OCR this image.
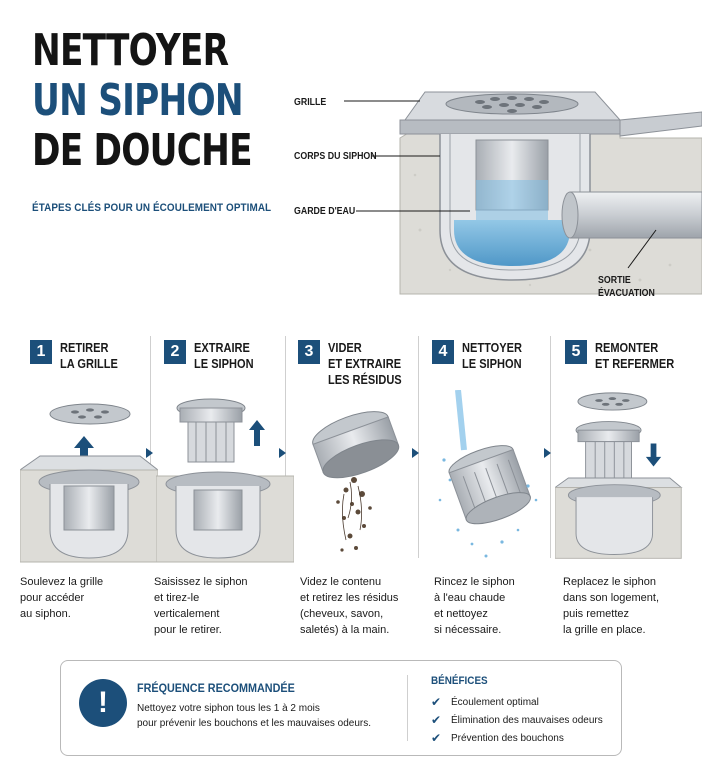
NETTOYER
UN SIPHON
DE DOUCHE
ÉTAPES CLÉS POUR UN ÉCOULEMENT OPTIMAL
GRILLE
CORPS DU SIPHON
GARDE D'EAU
SORTIE
ÉVACUATION
1	RETIRER
LA GRILLE
Soulevez la grille
pour accéder
au siphon.
2	EXTRAIRE
LE SIPHON
Saisissez le siphon
et tirez-le
verticalement
pour le retirer.
3	VIDER
ET EXTRAIRE
LES RÉSIDUS
Videz le contenu
et retirez les résidus
(cheveux, savon,
saletés) à la main.
4	NETTOYER
LE SIPHON
Rincez le siphon
à l'eau chaude
et nettoyez
si nécessaire.
5	REMONTER
ET REFERMER
Replacez le siphon
dans son logement,
puis remettez
la grille en place.
!	FRÉQUENCE RECOMMANDÉE
Nettoyez votre siphon tous les 1 à 2 mois
pour prévenir les bouchons et les mauvaises odeurs.
BÉNÉFICES
✔ Écoulement optimal
✔ Élimination des mauvaises odeurs
✔ Prévention des bouchons
